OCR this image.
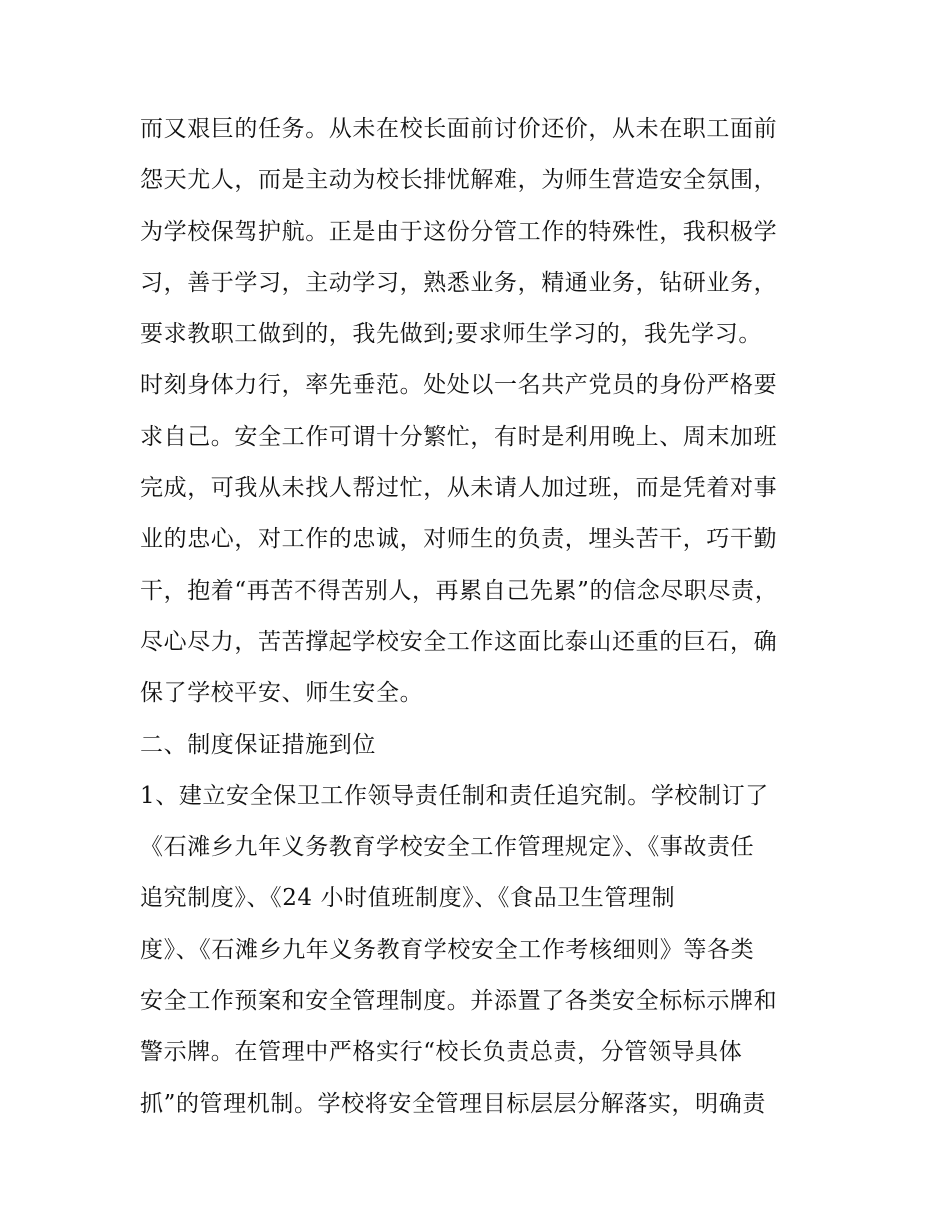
而又艰巨的任务。从未在校长面前讨价还价，从未在职工面前
怨天尤人，而是主动为校长排忧解难，为师生营造安全氛围，
为学校保驾护航。正是由于这份分管工作的特殊性，我积极学
习，善于学习，主动学习，熟悉业务，精通业务，钻研业务，
要求教职工做到的，我先做到;要求师生学习的，我先学习。
时刻身体力行，率先垂范。处处以一名共产党员的身份严格要
求自己。安全工作可谓十分繁忙，有时是利用晚上、周末加班
完成，可我从未找人帮过忙，从未请人加过班，而是凭着对事
业的忠心，对工作的忠诚，对师生的负责，埋头苦干，巧干勤
干，抱着“再苦不得苦别人，再累自己先累”的信念尽职尽责，
尽心尽力，苦苦撑起学校安全工作这面比泰山还重的巨石，确
保了学校平安、师生安全。
二、制度保证措施到位
1、建立安全保卫工作领导责任制和责任追究制。学校制订了
《石滩乡九年义务教育学校安全工作管理规定》、《事故责任
追究制度》、《24 小时值班制度》、《食品卫生管理制
度》、《石滩乡九年义务教育学校安全工作考核细则》等各类
安全工作预案和安全管理制度。并添置了各类安全标标示牌和
警示牌。在管理中严格实行“校长负责总责，分管领导具体
抓”的管理机制。学校将安全管理目标层层分解落实，明确责
